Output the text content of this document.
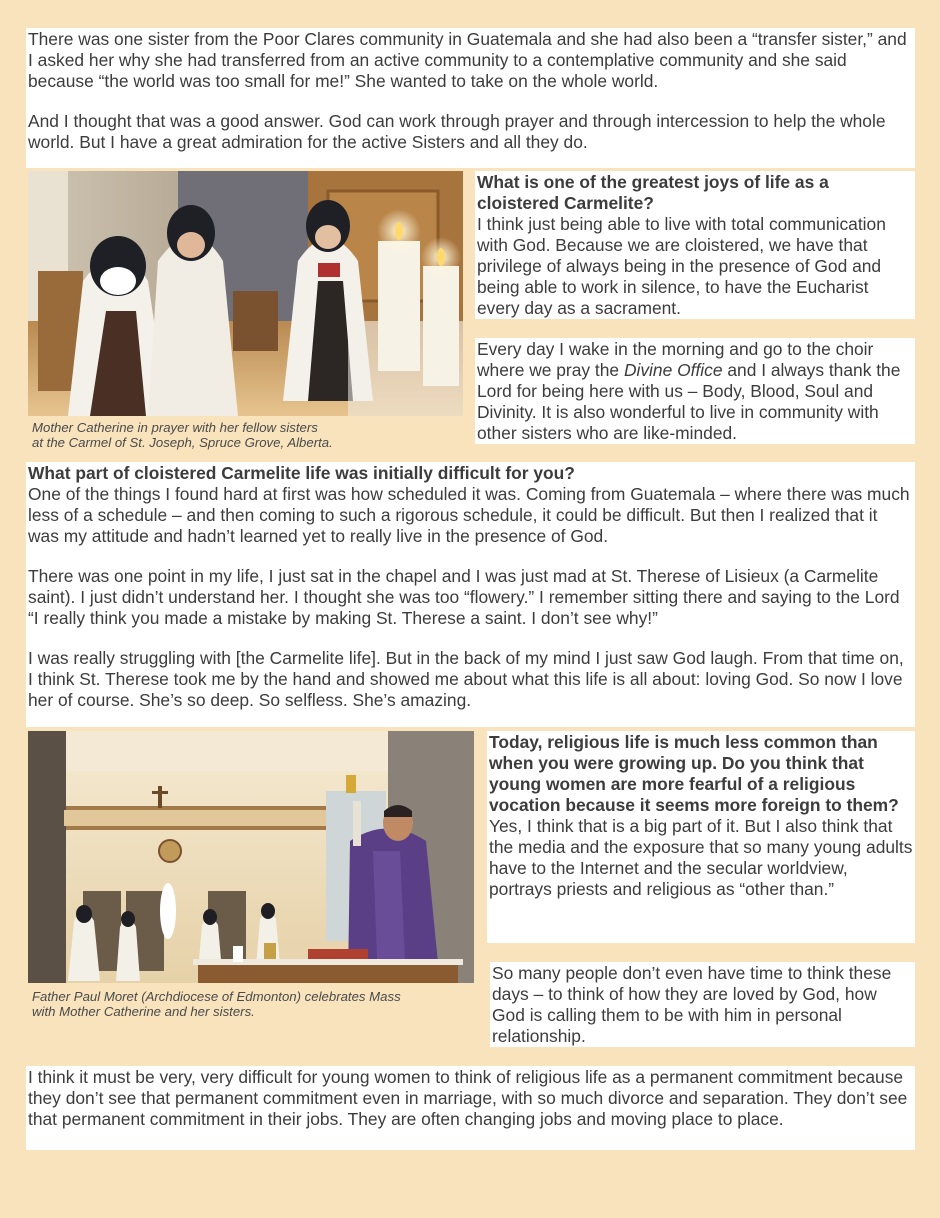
There was one sister from the Poor Clares community in Guatemala and she had also been a “transfer sister,” and I asked her why she had transferred from an active community to a contemplative community and she said because “the world was too small for me!” She wanted to take on the whole world.

And I thought that was a good answer. God can work through prayer and through intercession to help the whole world. But I have a great admiration for the active Sisters and all they do.

Mother Catherine in prayer with her fellow sisters
at the Carmel of St. Joseph, Spruce Grove, Alberta.
What is one of the greatest joys of life as a cloistered Carmelite?

I think just being able to live with total communication with God. Because we are cloistered, we have that privilege of always being in the presence of God and being able to work in silence, to have the Eucharist every day as a sacrament.

Every day I wake in the morning and go to the choir where we pray the Divine Office and I always thank the Lord for being here with us – Body, Blood, Soul and Divinity. It is also wonderful to live in community with other sisters who are like-minded.

What part of cloistered Carmelite life was initially difficult for you?

One of the things I found hard at first was how scheduled it was. Coming from Guatemala – where there was much less of a schedule – and then coming to such a rigorous schedule, it could be difficult. But then I realized that it was my attitude and hadn’t learned yet to really live in the presence of God.

There was one point in my life, I just sat in the chapel and I was just mad at St. Therese of Lisieux (a Carmelite saint). I just didn’t understand her. I thought she was too “flowery.” I remember sitting there and saying to the Lord “I really think you made a mistake by making St. Therese a saint. I don’t see why!”

I was really struggling with [the Carmelite life]. But in the back of my mind I just saw God laugh. From that time on, I think St. Therese took me by the hand and showed me about what this life is all about: loving God. So now I love her of course. She’s so deep. So selfless. She’s amazing.

Father Paul Moret (Archdiocese of Edmonton) celebrates Mass
with Mother Catherine and her sisters.
Today, religious life is much less common than when you were growing up. Do you think that young women are more fearful of a religious vocation because it seems more foreign to them?

Yes, I think that is a big part of it. But I also think that the media and the exposure that so many young adults have to the Internet and the secular worldview, portrays priests and religious as “other than.”

So many people don’t even have time to think these days – to think of how they are loved by God, how God is calling them to be with him in personal relationship.

I think it must be very, very difficult for young women to think of religious life as a permanent commitment because they don’t see that permanent commitment even in marriage, with so much divorce and separation. They don’t see that permanent commitment in their jobs. They are often changing jobs and moving place to place.
